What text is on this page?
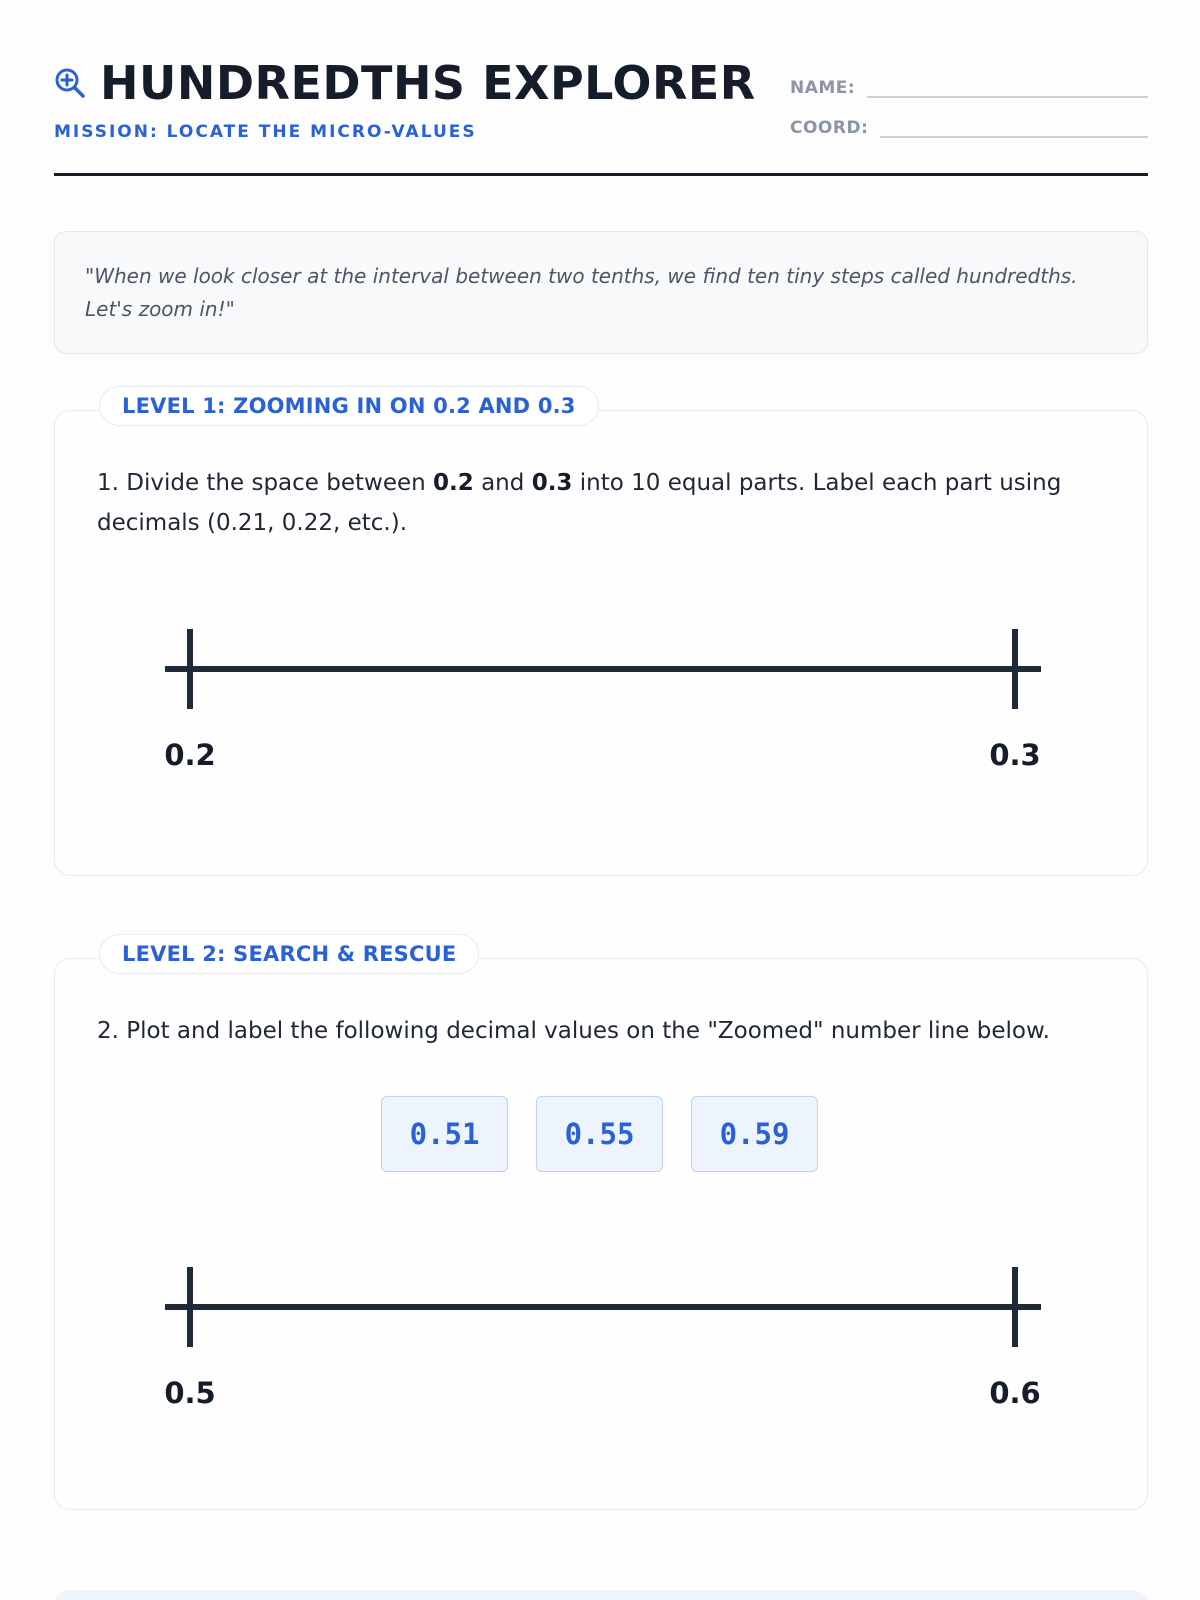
HUNDREDTHS EXPLORER
MISSION: LOCATE THE MICRO-VALUES
NAME:
COORD:
"When we look closer at the interval between two tenths, we find ten tiny steps called hundredths. Let's zoom in!"
LEVEL 1: ZOOMING IN ON 0.2 AND 0.3
1. Divide the space between 0.2 and 0.3 into 10 equal parts. Label each part using decimals (0.21, 0.22, etc.).
0.2	0.3
LEVEL 2: SEARCH & RESCUE
2. Plot and label the following decimal values on the "Zoomed" number line below.
0.51	0.55	0.59
0.5	0.6
